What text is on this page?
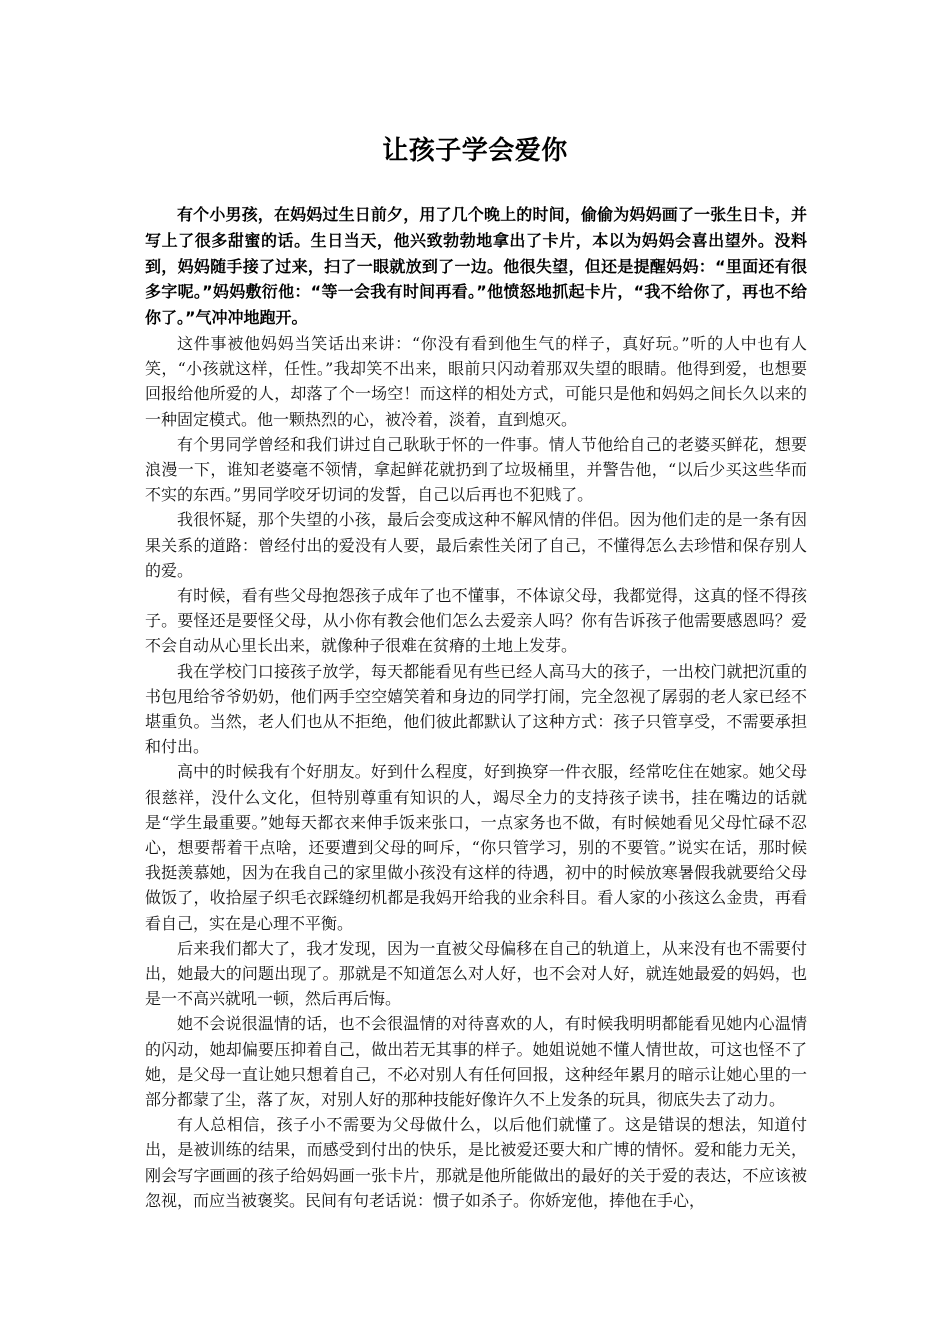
让孩子学会爱你

有个小男孩，在妈妈过生日前夕，用了几个晚上的时间，偷偷为妈妈画了一张生日卡，并写上了很多甜蜜的话。生日当天，他兴致勃勃地拿出了卡片，本以为妈妈会喜出望外。没料到，妈妈随手接了过来，扫了一眼就放到了一边。他很失望，但还是提醒妈妈：“里面还有很多字呢。”妈妈敷衍他：“等一会我有时间再看。”他愤怒地抓起卡片，“我不给你了，再也不给你了。”气冲冲地跑开。

这件事被他妈妈当笑话出来讲：“你没有看到他生气的样子，真好玩。”听的人中也有人笑，“小孩就这样，任性。”我却笑不出来，眼前只闪动着那双失望的眼睛。他得到爱，也想要回报给他所爱的人，却落了个一场空！而这样的相处方式，可能只是他和妈妈之间长久以来的一种固定模式。他一颗热烈的心，被冷着，淡着，直到熄灭。

有个男同学曾经和我们讲过自己耿耿于怀的一件事。情人节他给自己的老婆买鲜花，想要浪漫一下，谁知老婆毫不领情，拿起鲜花就扔到了垃圾桶里，并警告他，“以后少买这些华而不实的东西。”男同学咬牙切词的发誓，自己以后再也不犯贱了。

我很怀疑，那个失望的小孩，最后会变成这种不解风情的伴侣。因为他们走的是一条有因果关系的道路：曾经付出的爱没有人要，最后索性关闭了自己，不懂得怎么去珍惜和保存别人的爱。

有时候，看有些父母抱怨孩子成年了也不懂事，不体谅父母，我都觉得，这真的怪不得孩子。要怪还是要怪父母，从小你有教会他们怎么去爱亲人吗？你有告诉孩子他需要感恩吗？爱不会自动从心里长出来，就像种子很难在贫瘠的土地上发芽。

我在学校门口接孩子放学，每天都能看见有些已经人高马大的孩子，一出校门就把沉重的书包甩给爷爷奶奶，他们两手空空嬉笑着和身边的同学打闹，完全忽视了孱弱的老人家已经不堪重负。当然，老人们也从不拒绝，他们彼此都默认了这种方式：孩子只管享受，不需要承担和付出。

高中的时候我有个好朋友。好到什么程度，好到换穿一件衣服，经常吃住在她家。她父母很慈祥，没什么文化，但特别尊重有知识的人，竭尽全力的支持孩子读书，挂在嘴边的话就是“学生最重要。”她每天都衣来伸手饭来张口，一点家务也不做，有时候她看见父母忙碌不忍心，想要帮着干点啥，还要遭到父母的呵斥，“你只管学习，别的不要管。”说实在话，那时候我挺羡慕她，因为在我自己的家里做小孩没有这样的待遇，初中的时候放寒暑假我就要给父母做饭了，收拾屋子织毛衣踩缝纫机都是我妈开给我的业余科目。看人家的小孩这么金贵，再看看自己，实在是心理不平衡。

后来我们都大了，我才发现，因为一直被父母偏移在自己的轨道上，从来没有也不需要付出，她最大的问题出现了。那就是不知道怎么对人好，也不会对人好，就连她最爱的妈妈，也是一不高兴就吼一顿，然后再后悔。

她不会说很温情的话，也不会很温情的对待喜欢的人，有时候我明明都能看见她内心温情的闪动，她却偏要压抑着自己，做出若无其事的样子。她姐说她不懂人情世故，可这也怪不了她，是父母一直让她只想着自己，不必对别人有任何回报，这种经年累月的暗示让她心里的一部分都蒙了尘，落了灰，对别人好的那种技能好像许久不上发条的玩具，彻底失去了动力。

有人总相信，孩子小不需要为父母做什么，以后他们就懂了。这是错误的想法，知道付出，是被训练的结果，而感受到付出的快乐，是比被爱还要大和广博的情怀。爱和能力无关，刚会写字画画的孩子给妈妈画一张卡片，那就是他所能做出的最好的关于爱的表达，不应该被忽视，而应当被褒奖。民间有句老话说：惯子如杀子。你娇宠他，捧他在手心，
